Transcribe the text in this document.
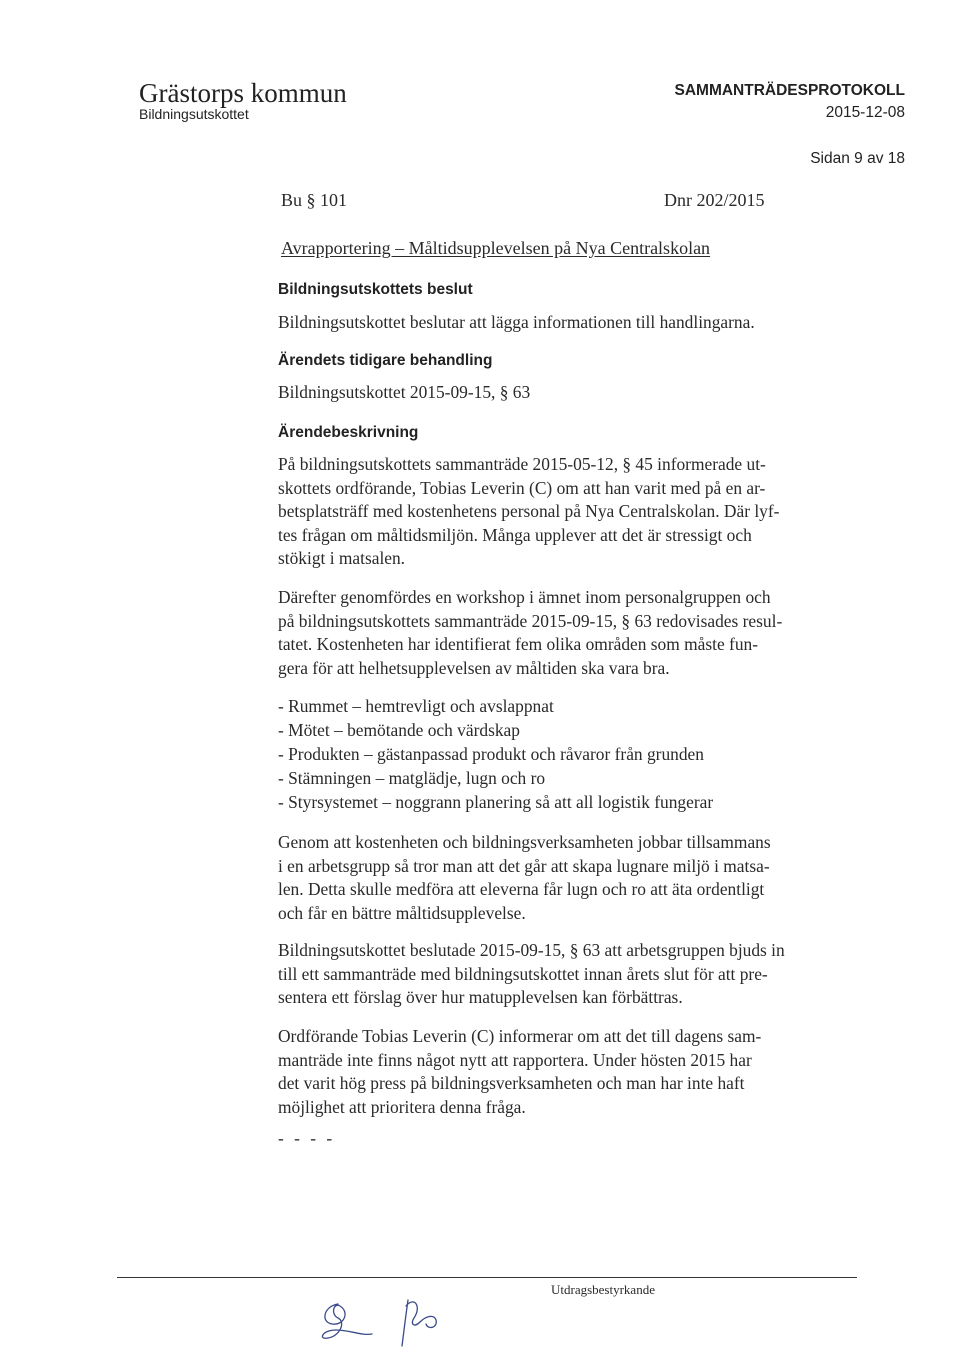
Grästorps kommun
Bildningsutskottet
SAMMANTRÄDESPROTOKOLL
2015-12-08
Sidan 9 av 18
Bu § 101	Dnr 202/2015
Avrapportering – Måltidsupplevelsen på Nya Centralskolan
Bildningsutskottets beslut
Bildningsutskottet beslutar att lägga informationen till handlingarna.
Ärendets tidigare behandling
Bildningsutskottet 2015-09-15, § 63
Ärendebeskrivning

På bildningsutskottets sammanträde 2015-05-12, § 45 informerade ut-
skottets ordförande, Tobias Leverin (C) om att han varit med på en ar-
betsplatsträff med kostenhetens personal på Nya Centralskolan. Där lyf-
tes frågan om måltidsmiljön. Många upplever att det är stressigt och
stökigt i matsalen.

Därefter genomfördes en workshop i ämnet inom personalgruppen och
på bildningsutskottets sammanträde 2015-09-15, § 63 redovisades resul-
tatet. Kostenheten har identifierat fem olika områden som måste fun-
gera för att helhetsupplevelsen av måltiden ska vara bra.

- Rummet – hemtrevligt och avslappnat
- Mötet – bemötande och värdskap
- Produkten – gästanpassad produkt och råvaror från grunden
- Stämningen – matglädje, lugn och ro
- Styrsystemet – noggrann planering så att all logistik fungerar

Genom att kostenheten och bildningsverksamheten jobbar tillsammans
i en arbetsgrupp så tror man att det går att skapa lugnare miljö i matsa-
len. Detta skulle medföra att eleverna får lugn och ro att äta ordentligt
och får en bättre måltidsupplevelse.

Bildningsutskottet beslutade 2015-09-15, § 63 att arbetsgruppen bjuds in
till ett sammanträde med bildningsutskottet innan årets slut för att pre-
sentera ett förslag över hur matupplevelsen kan förbättras.

Ordförande Tobias Leverin (C) informerar om att det till dagens sam-
manträde inte finns något nytt att rapportera. Under hösten 2015 har
det varit hög press på bildningsverksamheten och man har inte haft
möjlighet att prioritera denna fråga.

- - - -
Utdragsbestyrkande
